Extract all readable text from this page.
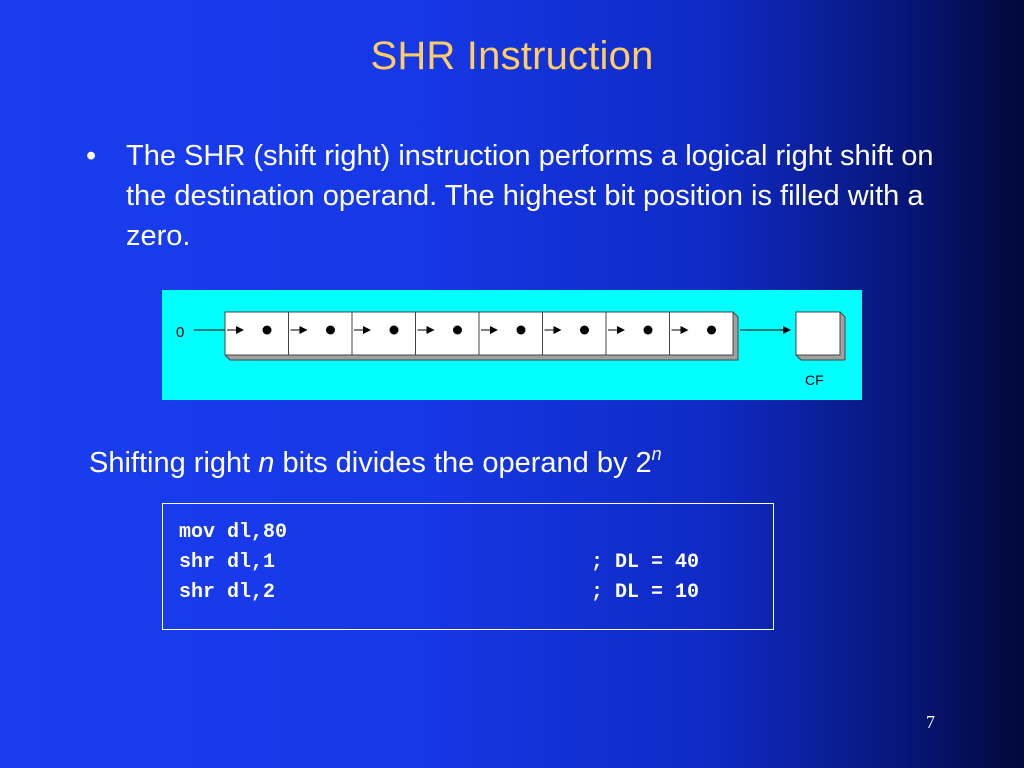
SHR Instruction
•	The SHR (shift right) instruction performs a logical right shift on the destination operand. The highest bit position is filled with a zero.
0
CF
Shifting right n bits divides the operand by 2$^n$
mov dl,80
shr dl,1	; DL = 40
shr dl,2	; DL = 10
7
